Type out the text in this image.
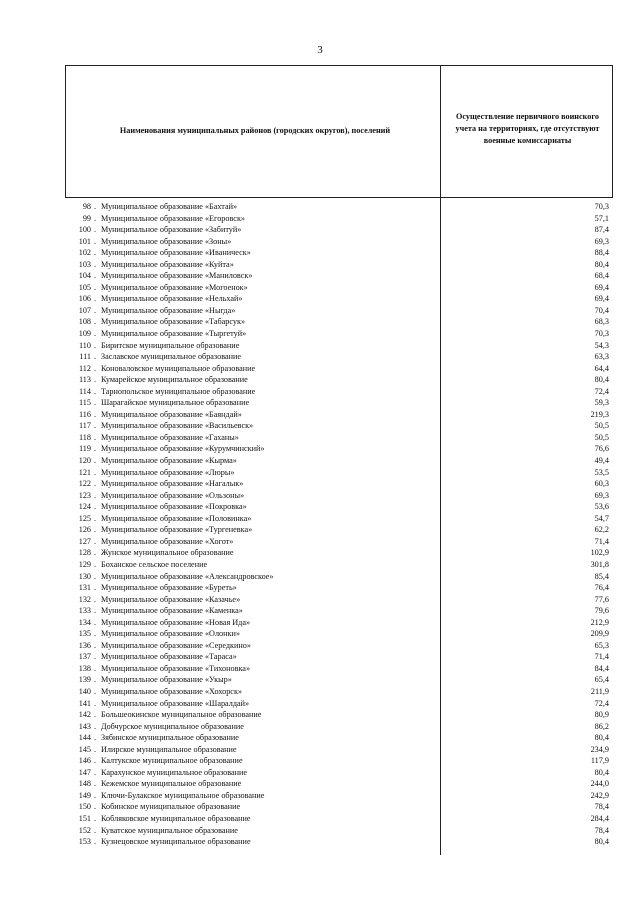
3
Наименования муниципальных районов (городских округов), поселений
Осуществление первичного воинского учета на территориях, где отсутствуют военные комиссариаты
98 . Муниципальное образование «Бахтай»	70,3
99 . Муниципальное образование «Егоровск»	57,1
100 . Муниципальное образование «Забитуй»	87,4
101 . Муниципальное образование «Зоны»	69,3
102 . Муниципальное образование «Иваническ»	88,4
103 . Муниципальное образование «Куйта»	80,4
104 . Муниципальное образование «Маниловск»	68,4
105 . Муниципальное образование «Могоенок»	69,4
106 . Муниципальное образование «Нельхай»	69,4
107 . Муниципальное образование «Ныгда»	70,4
108 . Муниципальное образование «Табарсук»	68,3
109 . Муниципальное образование «Тыргетуй»	70,3
110 . Биритское муниципальное образование	54,3
111 . Заславское муниципальное образование	63,3
112 . Коноваловское муниципальное образование	64,4
113 . Кумарейское муниципальное образование	80,4
114 . Тарнопольское муниципальное образование	72,4
115 . Шарагайское муниципальное образование	59,3
116 . Муниципальное образование «Баяндай»	219,3
117 . Муниципальное образование «Васильевск»	50,5
118 . Муниципальное образование «Гаханы»	50,5
119 . Муниципальное образование «Курумчинский»	76,6
120 . Муниципальное образование «Кырма»	49,4
121 . Муниципальное образование «Люры»	53,5
122 . Муниципальное образование «Нагалык»	60,3
123 . Муниципальное образование «Ользоны»	69,3
124 . Муниципальное образование «Покровка»	53,6
125 . Муниципальное образование «Половинка»	54,7
126 . Муниципальное образование «Тургеневка»	62,2
127 . Муниципальное образование «Хогот»	71,4
128 . Жунское муниципальное образование	102,9
129 . Боханское сельское поселение	301,8
130 . Муниципальное образование «Александровское»	85,4
131 . Муниципальное образование «Буреть»	76,4
132 . Муниципальное образование «Казачье»	77,6
133 . Муниципальное образование «Каменка»	79,6
134 . Муниципальное образование «Новая Ида»	212,9
135 . Муниципальное образование «Олонки»	209,9
136 . Муниципальное образование «Середкино»	65,3
137 . Муниципальное образование «Тараса»	71,4
138 . Муниципальное образование «Тихоновка»	84,4
139 . Муниципальное образование «Укыр»	65,4
140 . Муниципальное образование «Хохорск»	211,9
141 . Муниципальное образование «Шаралдай»	72,4
142 . Большеокинское муниципальное образование	80,9
143 . Добчурское муниципальное образование	86,2
144 . Зябинское муниципальное образование	80,4
145 . Илирское муниципальное образование	234,9
146 . Калтукское муниципальное образование	117,9
147 . Карахунское муниципальное образование	80,4
148 . Кежемское муниципальное образование	244,0
149 . Ключи-Булакское муниципальное образование	242,9
150 . Кобинское муниципальное образование	78,4
151 . Кобляковское муниципальное образование	284,4
152 . Куватское муниципальное образование	78,4
153 . Кузнецовское муниципальное образование	80,4
